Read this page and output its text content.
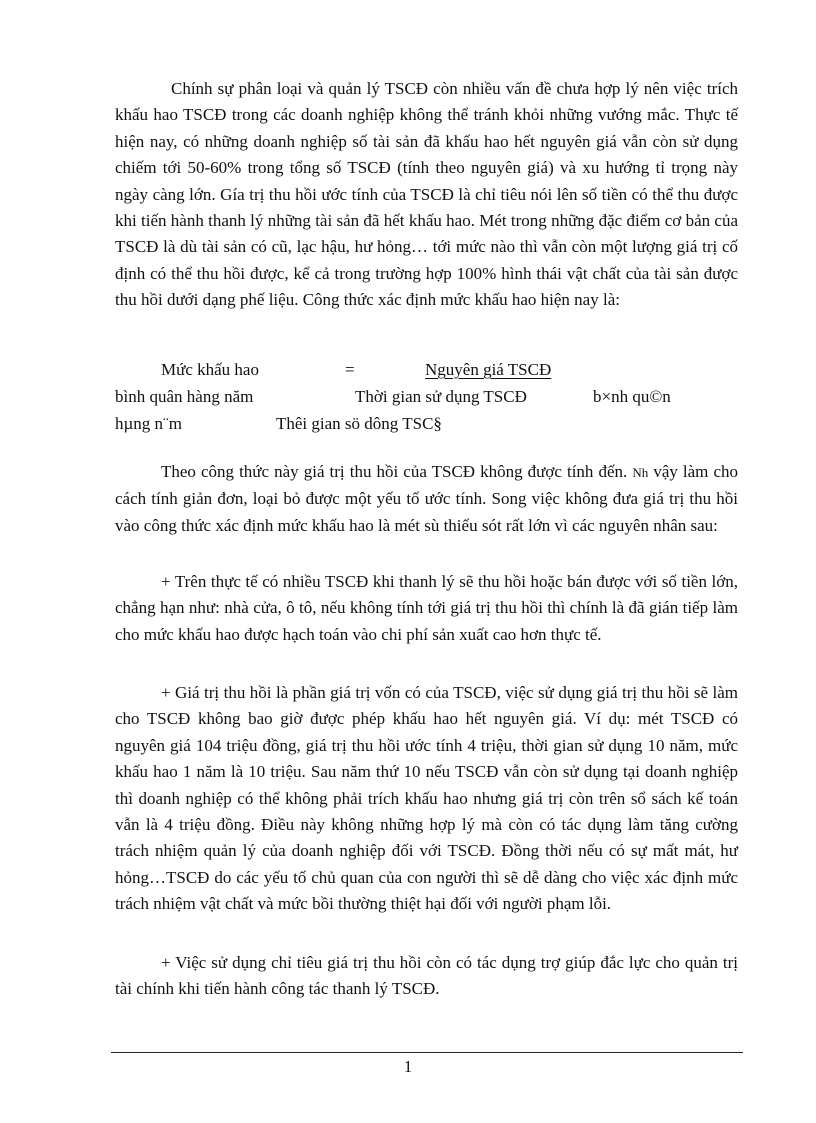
Chính sự phân loại và quản lý TSCĐ còn nhiều vấn đề chưa hợp lý nên việc trích khấu hao TSCĐ trong các doanh nghiệp không thể tránh khỏi những vướng mắc. Thực tế hiện nay, có những doanh nghiệp số tài sản đã khấu hao hết nguyên giá vẫn còn sử dụng chiếm tới 50-60% trong tổng số TSCĐ (tính theo nguyên giá) và xu hướng tỉ trọng này ngày càng lớn. Gía trị thu hồi ước tính của TSCĐ là chỉ tiêu nói lên số tiền có thể thu được khi tiến hành thanh lý những tài sản đã hết khấu hao. Mét trong những đặc điểm cơ bản của TSCĐ là dù tài sản có cũ, lạc hậu, hư hỏng… tới mức nào thì vẫn còn một lượng giá trị cố định có thể thu hồi được, kể cả trong trường hợp 100% hình thái vật chất của tài sản được thu hồi dưới dạng phế liệu. Công thức xác định mức khấu hao hiện nay là:

Mức khấu hao	=	Nguyên giá TSCĐ
bình quân hàng năm	Thời gian sử dụng TSCĐ	b×nh qu©n
hµng n¨m	Thêi gian sö dông TSC§

Theo công thức này giá trị thu hồi của TSCĐ không được tính đến. Nh vậy làm cho cách tính giản đơn, loại bỏ được một yếu tố ước tính. Song việc không đưa giá trị thu hồi vào công thức xác định mức khấu hao là mét sù thiếu sót rất lớn vì các nguyên nhân sau:

+ Trên thực tế có nhiều TSCĐ khi thanh lý sẽ thu hồi hoặc bán được với số tiền lớn, chẳng hạn như: nhà cửa, ô tô, nếu không tính tới giá trị thu hồi thì chính là đã gián tiếp làm cho mức khấu hao được hạch toán vào chi phí sản xuất cao hơn thực tế.

+ Giá trị thu hồi là phần giá trị vốn có của TSCĐ, việc sử dụng giá trị thu hồi sẽ làm cho TSCĐ không bao giờ được phép khấu hao hết nguyên giá. Ví dụ: mét TSCĐ có nguyên giá 104 triệu đồng, giá trị thu hồi ước tính 4 triệu, thời gian sử dụng 10 năm, mức khấu hao 1 năm là 10 triệu. Sau năm thứ 10 nếu TSCĐ vẫn còn sử dụng tại doanh nghiệp thì doanh nghiệp có thể không phải trích khấu hao nhưng giá trị còn trên sổ sách kế toán vẫn là 4 triệu đồng. Điều này không những hợp lý mà còn có tác dụng làm tăng cường trách nhiệm quản lý của doanh nghiệp đối với TSCĐ. Đồng thời nếu có sự mất mát, hư hỏng…TSCĐ do các yếu tố chủ quan của con người thì sẽ dễ dàng cho việc xác định mức trách nhiệm vật chất và mức bồi thường thiệt hại đối với người phạm lỗi.

+ Việc sử dụng chỉ tiêu giá trị thu hồi còn có tác dụng trợ giúp đắc lực cho quản trị tài chính khi tiến hành công tác thanh lý TSCĐ.

1
